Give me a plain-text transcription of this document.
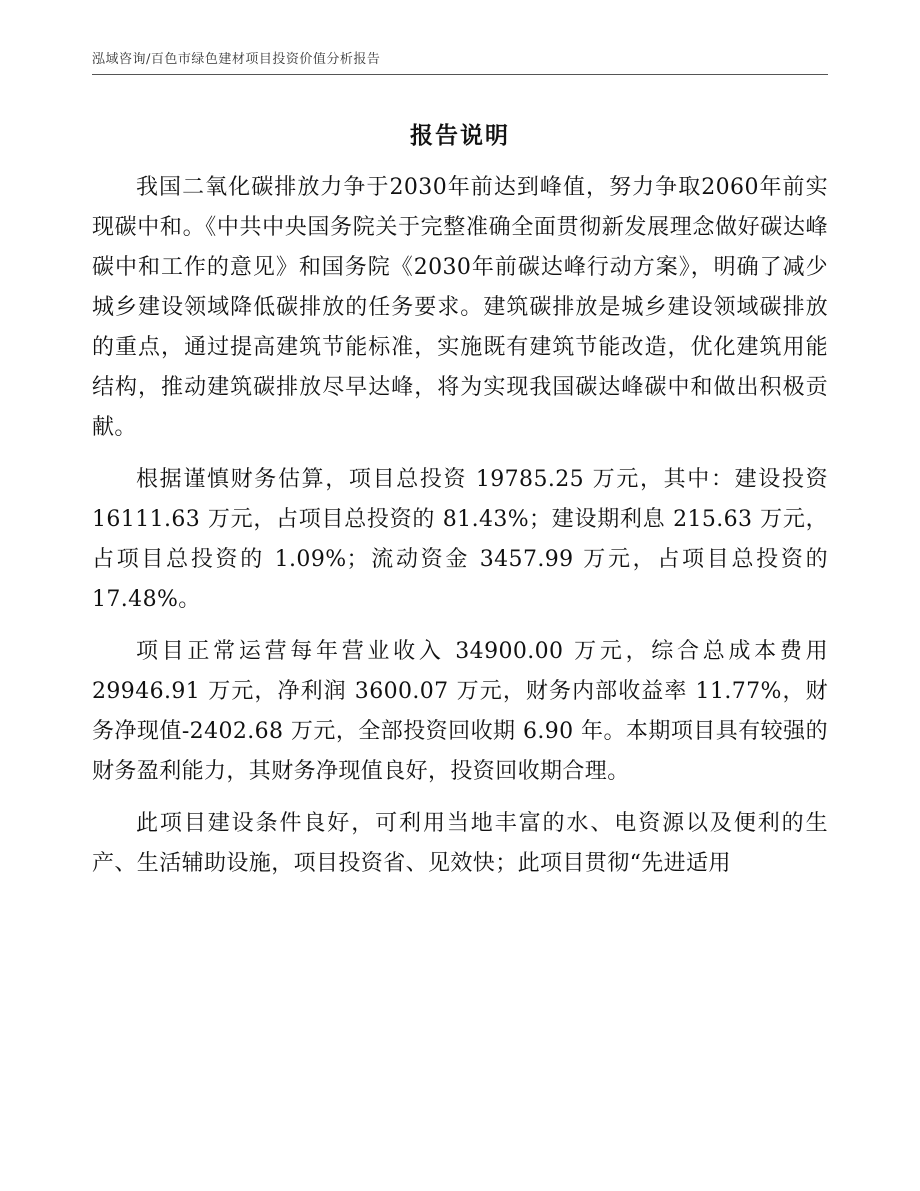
泓域咨询/百色市绿色建材项目投资价值分析报告
报告说明

我国二氧化碳排放力争于2030年前达到峰值，努力争取2060年前实现碳中和。《中共中央国务院关于完整准确全面贯彻新发展理念做好碳达峰碳中和工作的意见》和国务院《2030年前碳达峰行动方案》，明确了减少城乡建设领域降低碳排放的任务要求。建筑碳排放是城乡建设领域碳排放的重点，通过提高建筑节能标准，实施既有建筑节能改造，优化建筑用能结构，推动建筑碳排放尽早达峰，将为实现我国碳达峰碳中和做出积极贡献。

根据谨慎财务估算，项目总投资 19785.25 万元，其中：建设投资 16111.63 万元，占项目总投资的 81.43%；建设期利息 215.63 万元，占项目总投资的 1.09%；流动资金 3457.99 万元，占项目总投资的 17.48%。

项目正常运营每年营业收入 34900.00 万元，综合总成本费用 29946.91 万元，净利润 3600.07 万元，财务内部收益率 11.77%，财务净现值-2402.68 万元，全部投资回收期 6.90 年。本期项目具有较强的财务盈利能力，其财务净现值良好，投资回收期合理。

此项目建设条件良好，可利用当地丰富的水、电资源以及便利的生产、生活辅助设施，项目投资省、见效快；此项目贯彻“先进适用
